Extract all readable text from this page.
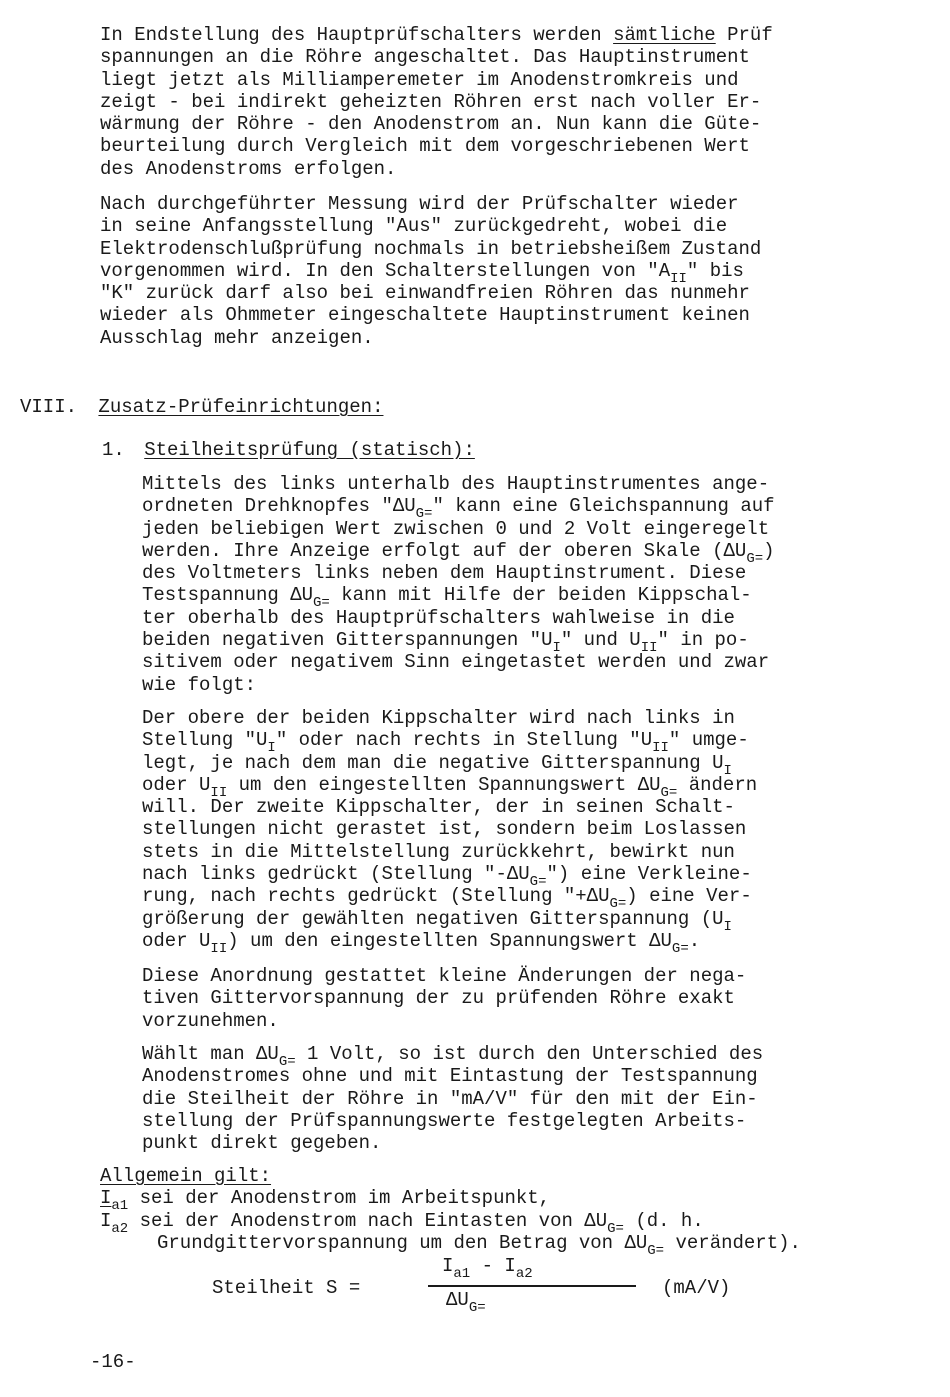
In Endstellung des Hauptprüfschalters werden sämtliche Prüf
spannungen an die Röhre angeschaltet. Das Hauptinstrument
liegt jetzt als Milliamperemeter im Anodenstromkreis und
zeigt - bei indirekt geheizten Röhren erst nach voller Er-
wärmung der Röhre - den Anodenstrom an. Nun kann die Güte-
beurteilung durch Vergleich mit dem vorgeschriebenen Wert
des Anodenstroms erfolgen.
Nach durchgeführter Messung wird der Prüfschalter wieder
in seine Anfangsstellung "Aus" zurückgedreht, wobei die
Elektrodenschlußprüfung nochmals in betriebsheißem Zustand
vorgenommen wird. In den Schalterstellungen von "$A_{II}$" bis
"K" zurück darf also bei einwandfreien Röhren das nunmehr
wieder als Ohmmeter eingeschaltete Hauptinstrument keinen
Ausschlag mehr anzeigen.
VIII. Zusatz-Prüfeinrichtungen:
1. Steilheitsprüfung (statisch):
Mittels des links unterhalb des Hauptinstrumentes ange-
ordneten Drehknopfes "$\Delta U_{G=}$" kann eine Gleichspannung auf
jeden beliebigen Wert zwischen 0 und 2 Volt eingeregelt
werden. Ihre Anzeige erfolgt auf der oberen Skale $(\Delta U_{G=})$
des Voltmeters links neben dem Hauptinstrument. Diese
Testspannung $\Delta U_{G=}$ kann mit Hilfe der beiden Kippschal-
ter oberhalb des Hauptprüfschalters wahlweise in die
beiden negativen Gitterspannungen "$U_I$" und $U_{II}$" in po-
sitivem oder negativem Sinn eingetastet werden und zwar
wie folgt:
Der obere der beiden Kippschalter wird nach links in
Stellung "$U_I$" oder nach rechts in Stellung "$U_{II}$" umge-
legt, je nach dem man die negative Gitterspannung $U_I$
oder $U_{II}$ um den eingestellten Spannungswert $\Delta U_{G=}$ ändern
will. Der zweite Kippschalter, der in seinen Schalt-
stellungen nicht gerastet ist, sondern beim Loslassen
stets in die Mittelstellung zurückkehrt, bewirkt nun
nach links gedrückt (Stellung "$-\Delta U_{G=}$") eine Verkleine-
rung, nach rechts gedrückt (Stellung "$+\Delta U_{G=}$) eine Ver-
größerung der gewählten negativen Gitterspannung ($U_I$
oder $U_{II}$) um den eingestellten Spannungswert $\Delta U_{G=}$.
Diese Anordnung gestattet kleine Änderungen der nega-
tiven Gittervorspannung der zu prüfenden Röhre exakt
vorzunehmen.
Wählt man $\Delta U_{G=}$ 1 Volt, so ist durch den Unterschied des
Anodenstromes ohne und mit Eintastung der Testspannung
die Steilheit der Röhre in "mA/V" für den mit der Ein-
stellung der Prüfspannungswerte festgelegten Arbeits-
punkt direkt gegeben.
Allgemein gilt:
$I_{a1}$ sei der Anodenstrom im Arbeitspunkt,
$I_{a2}$ sei der Anodenstrom nach Eintasten von $\Delta U_{G=}$ (d. h.
Grundgittervorspannung um den Betrag von $\Delta U_{G=}$ verändert).
Steilheit S =
$I_{a1} - I_{a2}$
$\Delta U_{G=}$
(mA/V)
-16-
